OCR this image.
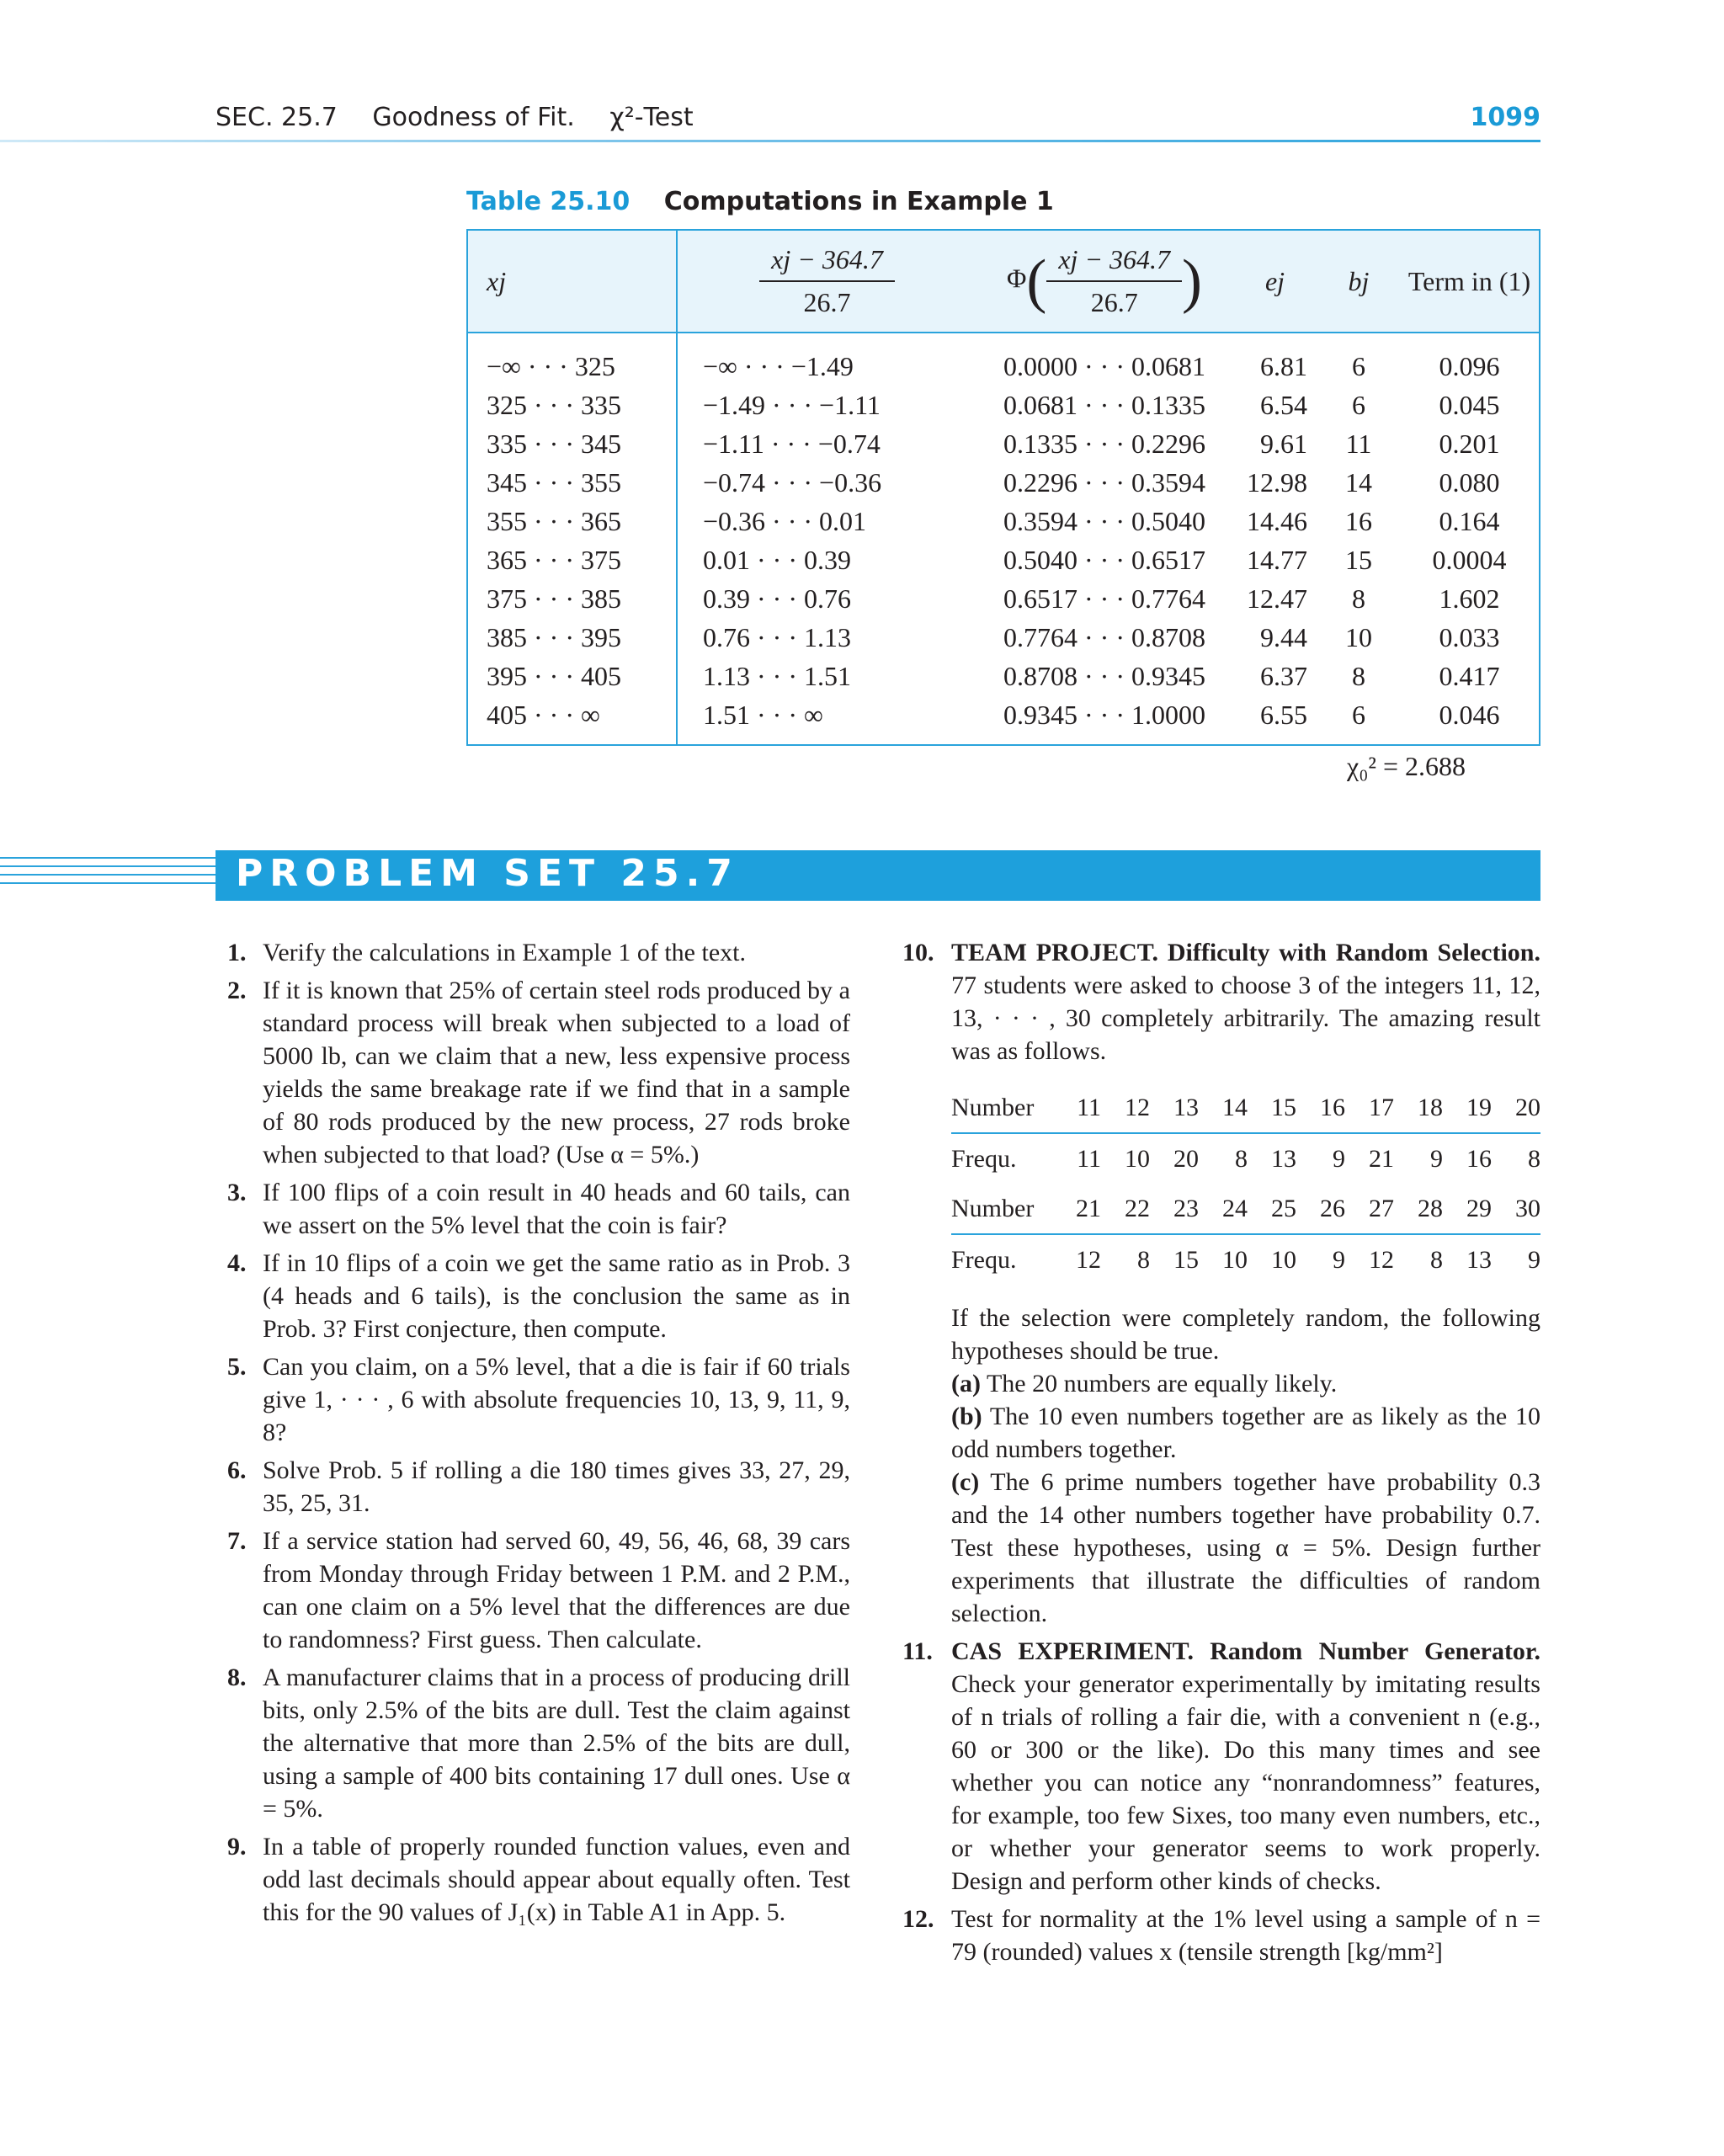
SEC. 25.7 Goodness of Fit. χ²-Test	1099
Table 25.10 Computations in Example 1
xj	$\frac{xj - 364.7}{26.7}$	$\Phi( \frac{xj - 364.7}{26.7}$ )	ej	bj	Term in (1)
−∞ · · · 325	−∞ · · · −1.49	0.0000 · · · 0.0681	6.81	6	0.096
325 · · · 335	−1.49 · · · −1.11	0.0681 · · · 0.1335	6.54	6	0.045
335 · · · 345	−1.11 · · · −0.74	0.1335 · · · 0.2296	9.61	11	0.201
345 · · · 355	−0.74 · · · −0.36	0.2296 · · · 0.3594	12.98	14	0.080
355 · · · 365	−0.36 · · · 0.01	0.3594 · · · 0.5040	14.46	16	0.164
365 · · · 375	0.01 · · · 0.39	0.5040 · · · 0.6517	14.77	15	0.0004
375 · · · 385	0.39 · · · 0.76	0.6517 · · · 0.7764	12.47	8	1.602
385 · · · 395	0.76 · · · 1.13	0.7764 · · · 0.8708	9.44	10	0.033
395 · · · 405	1.13 · · · 1.51	0.8708 · · · 0.9345	6.37	8	0.417
405 · · · ∞	1.51 · · · ∞	0.9345 · · · 1.0000	6.55	6	0.046
χ₀² = 2.688
PROBLEM SET 25.7
1. Verify the calculations in Example 1 of the text.
2. If it is known that 25% of certain steel rods produced by a standard process will break when subjected to a load of 5000 lb, can we claim that a new, less expensive process yields the same breakage rate if we find that in a sample of 80 rods produced by the new process, 27 rods broke when subjected to that load? (Use α = 5%.)
3. If 100 flips of a coin result in 40 heads and 60 tails, can we assert on the 5% level that the coin is fair?
4. If in 10 flips of a coin we get the same ratio as in Prob. 3 (4 heads and 6 tails), is the conclusion the same as in Prob. 3? First conjecture, then compute.
5. Can you claim, on a 5% level, that a die is fair if 60 trials give 1, · · · , 6 with absolute frequencies 10, 13, 9, 11, 9, 8?
6. Solve Prob. 5 if rolling a die 180 times gives 33, 27, 29, 35, 25, 31.
7. If a service station had served 60, 49, 56, 46, 68, 39 cars from Monday through Friday between 1 P.M. and 2 P.M., can one claim on a 5% level that the differences are due to randomness? First guess. Then calculate.
8. A manufacturer claims that in a process of producing drill bits, only 2.5% of the bits are dull. Test the claim against the alternative that more than 2.5% of the bits are dull, using a sample of 400 bits containing 17 dull ones. Use α = 5%.
9. In a table of properly rounded function values, even and odd last decimals should appear about equally often. Test this for the 90 values of J₁(x) in Table A1 in App. 5.
10. TEAM PROJECT. Difficulty with Random Selection. 77 students were asked to choose 3 of the integers 11, 12, 13, · · · , 30 completely arbitrarily. The amazing result was as follows.
Number	11	12	13	14	15	16	17	18	19	20
Frequ.	11	10	20	8	13	9	21	9	16	8
Number	21	22	23	24	25	26	27	28	29	30
Frequ.	12	8	15	10	10	9	12	8	13	9
If the selection were completely random, the following hypotheses should be true.
(a) The 20 numbers are equally likely.
(b) The 10 even numbers together are as likely as the 10 odd numbers together.
(c) The 6 prime numbers together have probability 0.3 and the 14 other numbers together have probability 0.7. Test these hypotheses, using α = 5%. Design further experiments that illustrate the difficulties of random selection.
11. CAS EXPERIMENT. Random Number Generator. Check your generator experimentally by imitating results of n trials of rolling a fair die, with a convenient n (e.g., 60 or 300 or the like). Do this many times and see whether you can notice any “nonrandomness” features, for example, too few Sixes, too many even numbers, etc., or whether your generator seems to work properly. Design and perform other kinds of checks.
12. Test for normality at the 1% level using a sample of n = 79 (rounded) values x (tensile strength [kg/mm²]
